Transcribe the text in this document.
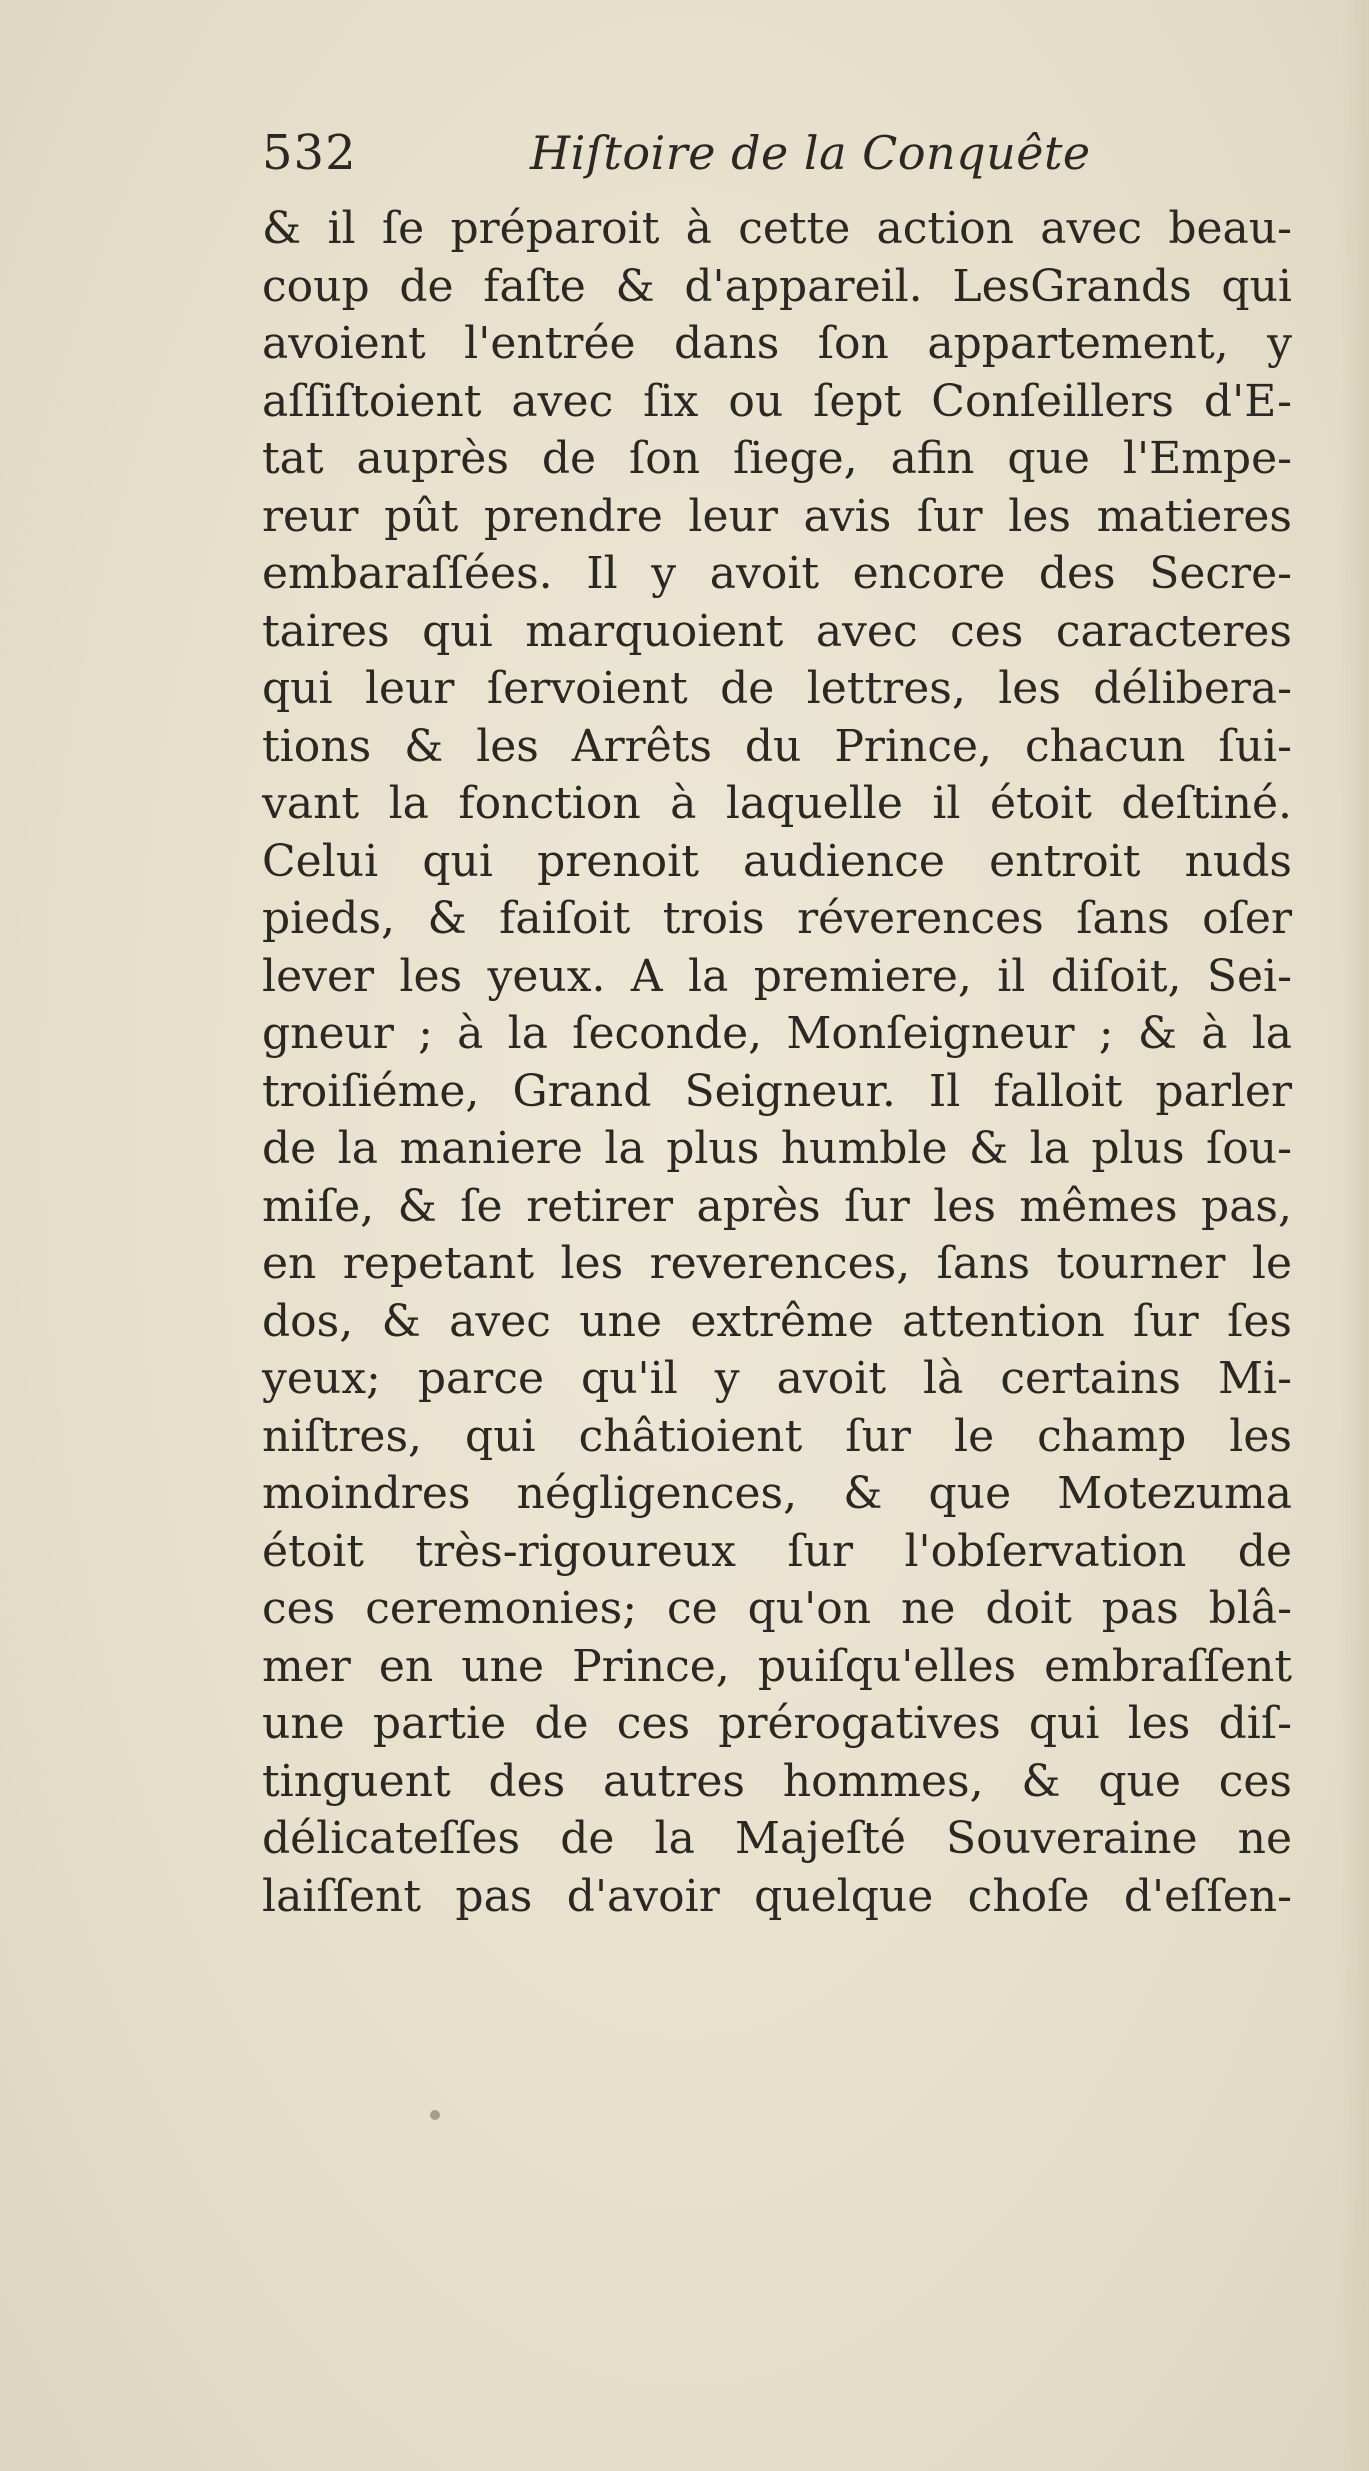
532	Hiſtoire de la Conquête
& il ſe préparoit à cette action avec beau-
coup de faſte & d'appareil. LesGrands qui
avoient l'entrée dans ſon appartement, y
aſſiſtoient avec ſix ou ſept Conſeillers d'E-
tat auprès de ſon ſiege, afin que l'Empe-
reur pût prendre leur avis ſur les matieres
embaraſſées. Il y avoit encore des Secre-
taires qui marquoient avec ces caracteres
qui leur ſervoient de lettres, les délibera-
tions & les Arrêts du Prince, chacun ſui-
vant la fonction à laquelle il étoit deſtiné.
Celui qui prenoit audience entroit nuds
pieds, & faiſoit trois réverences ſans oſer
lever les yeux. A la premiere, il diſoit, Sei-
gneur ; à la ſeconde, Monſeigneur ; & à la
troiſiéme, Grand Seigneur. Il falloit parler
de la maniere la plus humble & la plus ſou-
miſe, & ſe retirer après ſur les mêmes pas,
en repetant les reverences, ſans tourner le
dos, & avec une extrême attention ſur ſes
yeux; parce qu'il y avoit là certains Mi-
niſtres, qui châtioient ſur le champ les
moindres négligences, & que Motezuma
étoit très-rigoureux ſur l'obſervation de
ces ceremonies; ce qu'on ne doit pas blâ-
mer en une Prince, puiſqu'elles embraſſent
une partie de ces prérogatives qui les diſ-
tinguent des autres hommes, & que ces
délicateſſes de la Majeſté Souveraine ne
laiſſent pas d'avoir quelque choſe d'eſſen-
